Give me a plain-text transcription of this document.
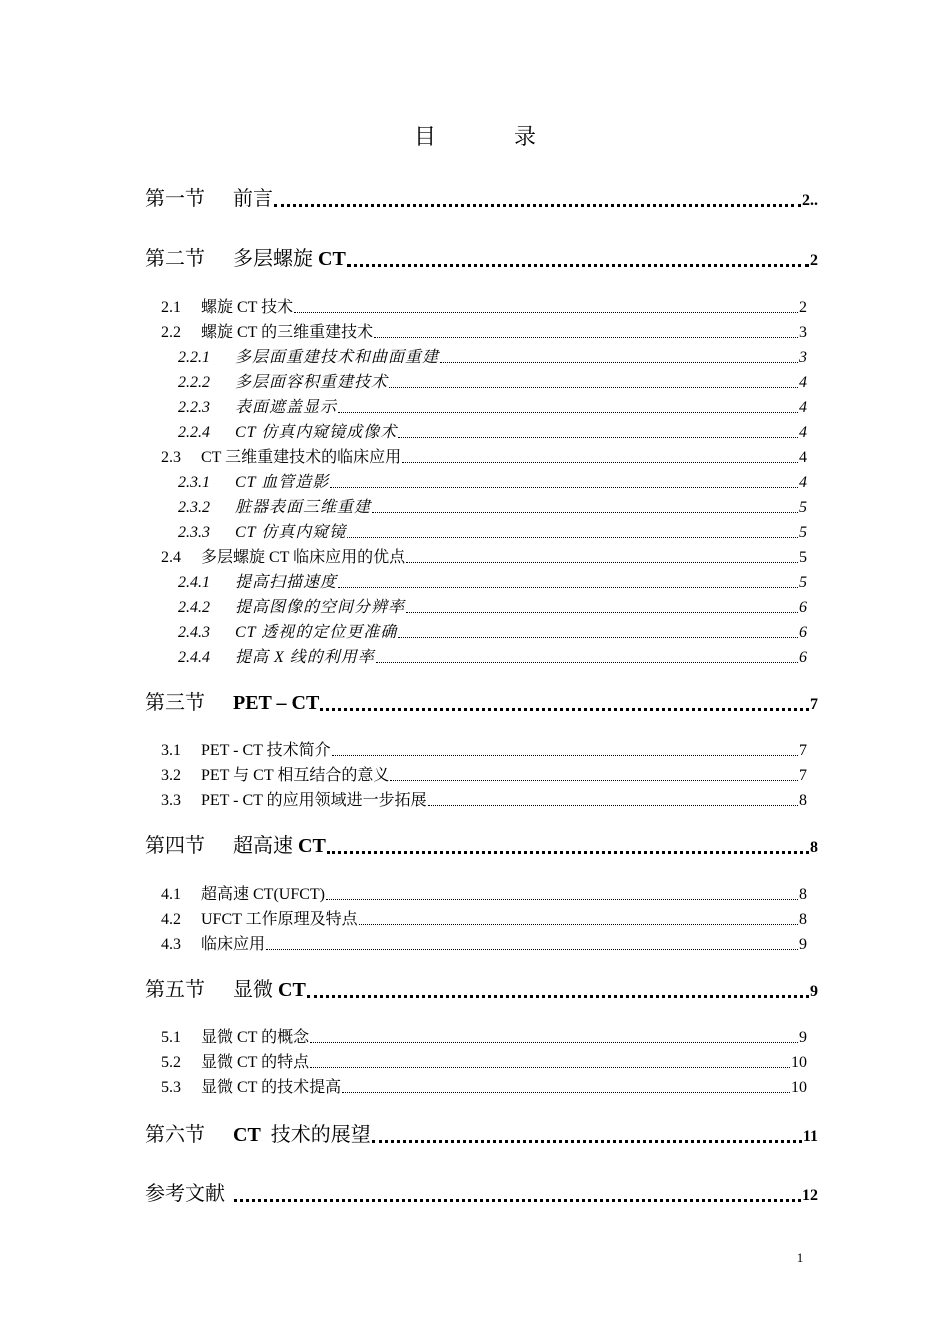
目　录
第一节	前言	2..
第二节	多层螺旋 CT	2
2.1	螺旋 CT 技术	2
2.2	螺旋 CT 的三维重建技术	3
2.2.1	多层面重建技术和曲面重建	3
2.2.2	多层面容积重建技术	4
2.2.3	表面遮盖显示	4
2.2.4	CT 仿真内窥镜成像术	4
2.3	CT 三维重建技术的临床应用	4
2.3.1	CT 血管造影	4
2.3.2	脏器表面三维重建	5
2.3.3	CT 仿真内窥镜	5
2.4	多层螺旋 CT 临床应用的优点	5
2.4.1	提高扫描速度	5
2.4.2	提高图像的空间分辨率	6
2.4.3	CT 透视的定位更准确	6
2.4.4	提高 X 线的利用率	6
第三节	PET – CT	7
3.1	PET - CT 技术简介	7
3.2	PET 与 CT 相互结合的意义	7
3.3	PET - CT 的应用领域进一步拓展	8
第四节	超高速 CT	8
4.1	超高速 CT(UFCT)	8
4.2	UFCT 工作原理及特点	8
4.3	临床应用	9
第五节	显微 CT	9
5.1	显微 CT 的概念	9
5.2	显微 CT 的特点	10
5.3	显微 CT 的技术提高	10
第六节	CT  技术的展望	11
参考文献	12
1
